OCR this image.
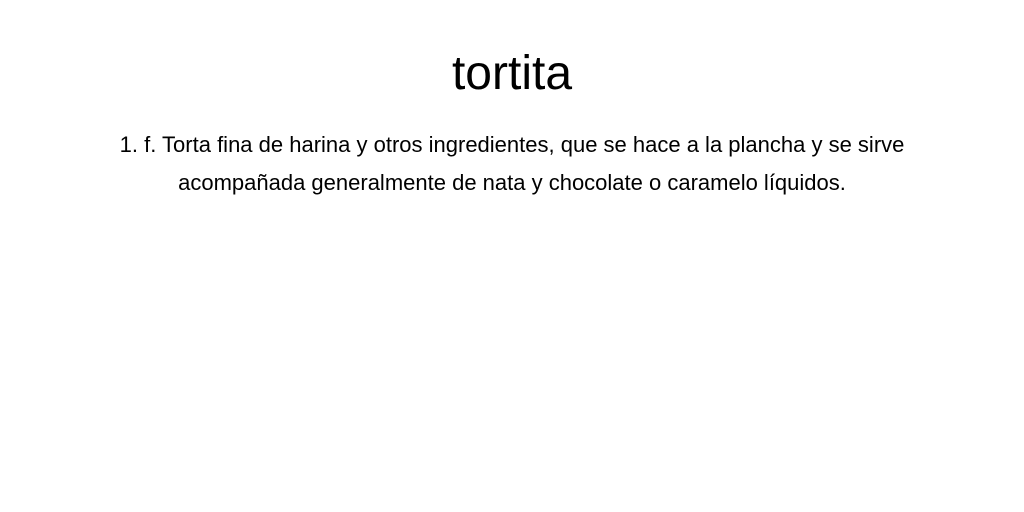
tortita

1. f. Torta fina de harina y otros ingredientes, que se hace a la plancha y se sirve acompañada generalmente de nata y chocolate o caramelo líquidos.
